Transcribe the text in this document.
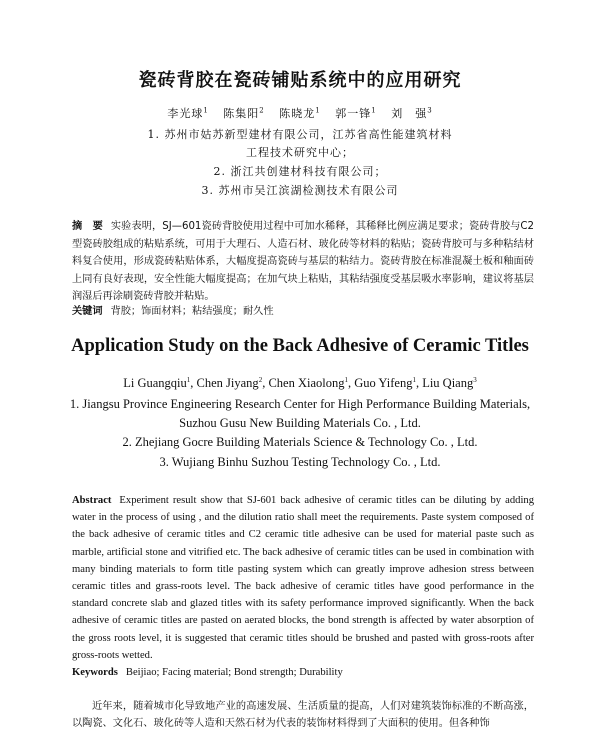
瓷砖背胶在瓷砖铺贴系统中的应用研究
李光球$^1$ 陈集阳$^2$ 陈晓龙$^1$ 郭一锋$^1$ 刘　强$^3$
1. 苏州市姑苏新型建材有限公司，江苏省高性能建筑材料
工程技术研究中心；
2. 浙江共创建材科技有限公司；
3. 苏州市吴江滨湖检测技术有限公司
摘　要 实验表明，SJ—601瓷砖背胶使用过程中可加水稀释，其稀释比例应满足要求；瓷砖背胶与C2型瓷砖胶组成的粘贴系统，可用于大理石、人造石材、玻化砖等材料的粘贴；瓷砖背胶可与多种粘结材料复合使用，形成瓷砖粘贴体系，大幅度提高瓷砖与基层的粘结力。瓷砖背胶在标准混凝土板和釉面砖上同有良好表现，安全性能大幅度提高；在加气块上粘贴，其粘结强度受基层吸水率影响，建议将基层润湿后再涂刷瓷砖背胶并粘贴。
关键词 背胶；饰面材料；粘结强度；耐久性
Application Study on the Back Adhesive of Ceramic Titles
Li Guangqiu$^1$, Chen Jiyang$^2$, Chen Xiaolong$^1$, Guo Yifeng$^1$, Liu Qiang$^3$
1. Jiangsu Province Engineering Research Center for High Performance Building Materials,
Suzhou Gusu New Building Materials Co. , Ltd.
2. Zhejiang Gocre Building Materials Science & Technology Co. , Ltd.
3. Wujiang Binhu Suzhou Testing Technology Co. , Ltd.
Abstract Experiment result show that SJ-601 back adhesive of ceramic titles can be diluting by adding water in the process of using , and the dilution ratio shall meet the requirements. Paste system composed of the back adhesive of ceramic titles and C2 ceramic title adhesive can be used for material paste such as marble, artificial stone and vitrified etc. The back adhesive of ceramic titles can be used in combination with many binding materials to form title pasting system which can greatly improve adhesion stress between ceramic titles and grass-roots level. The back adhesive of ceramic titles have good performance in the standard concrete slab and glazed titles with its safety performance improved significantly. When the back adhesive of ceramic titles are pasted on aerated blocks, the bond strength is affected by water absorption of the gross roots level, it is suggested that ceramic titles should be brushed and pasted with gross-roots after gross-roots wetted.
Keywords Beijiao; Facing material; Bond strength; Durability
近年来，随着城市化导致地产业的高速发展、生活质量的提高，人们对建筑装饰标准的不断高涨，以陶瓷、文化石、玻化砖等人造和天然石材为代表的装饰材料得到了大面积的使用。但各种饰
